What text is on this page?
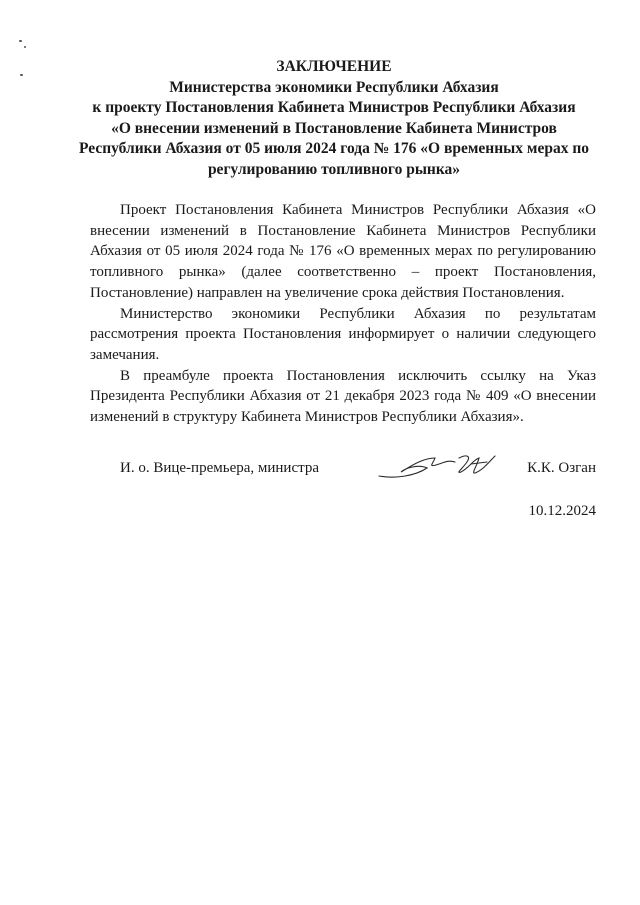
ЗАКЛЮЧЕНИЕ
Министерства экономики Республики Абхазия
к проекту Постановления Кабинета Министров Республики Абхазия
«О внесении изменений в Постановление Кабинета Министров
Республики Абхазия от 05 июля 2024 года № 176 «О временных мерах по
регулированию топливного рынка»

Проект Постановления Кабинета Министров Республики Абхазия «О внесении изменений в Постановление Кабинета Министров Республики Абхазия от 05 июля 2024 года № 176 «О временных мерах по регулированию топливного рынка» (далее соответственно – проект Постановления, Постановление) направлен на увеличение срока действия Постановления.

Министерство экономики Республики Абхазия по результатам рассмотрения проекта Постановления информирует о наличии следующего замечания.

В преамбуле проекта Постановления исключить ссылку на Указ Президента Республики Абхазия от 21 декабря 2023 года № 409 «О внесении изменений в структуру Кабинета Министров Республики Абхазия».

И. о. Вице-премьера, министра	К.К. Озган
10.12.2024
